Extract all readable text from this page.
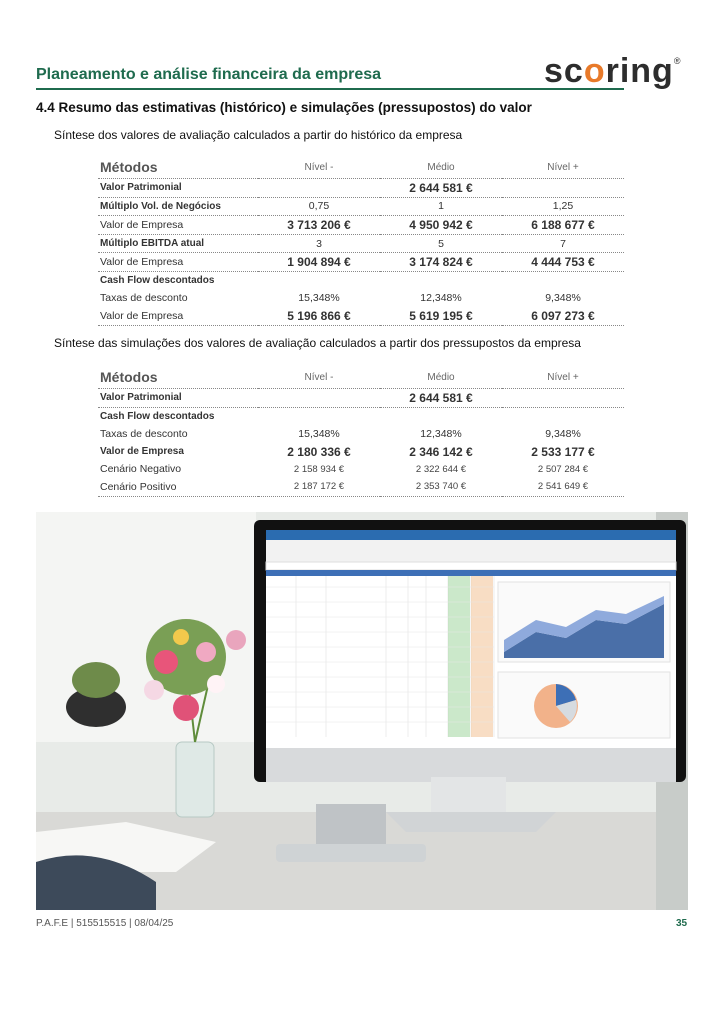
Planeamento e análise financeira da empresa	scoring®
4.4 Resumo das estimativas (histórico) e simulações (pressupostos) do valor
Síntese dos valores de avaliação calculados a partir do histórico da empresa
Métodos	Nível -	Médio	Nível +
Valor Patrimonial		2 644 581 €	
Múltiplo Vol. de Negócios	0,75	1	1,25
Valor de Empresa	3 713 206 €	4 950 942 €	6 188 677 €
Múltiplo EBITDA atual	3	5	7
Valor de Empresa	1 904 894 €	3 174 824 €	4 444 753 €
Cash Flow descontados			
Taxas de desconto	15,348%	12,348%	9,348%
Valor de Empresa	5 196 866 €	5 619 195 €	6 097 273 €
Síntese das simulações dos valores de avaliação calculados a partir dos pressupostos da empresa
Métodos	Nível -	Médio	Nível +
Valor Patrimonial		2 644 581 €	
Cash Flow descontados			
Taxas de desconto	15,348%	12,348%	9,348%
Valor de Empresa	2 180 336 €	2 346 142 €	2 533 177 €
Cenário Negativo	2 158 934 €	2 322 644 €	2 507 284 €
Cenário Positivo	2 187 172 €	2 353 740 €	2 541 649 €
P.A.F.E | 515515515 | 08/04/25	35
